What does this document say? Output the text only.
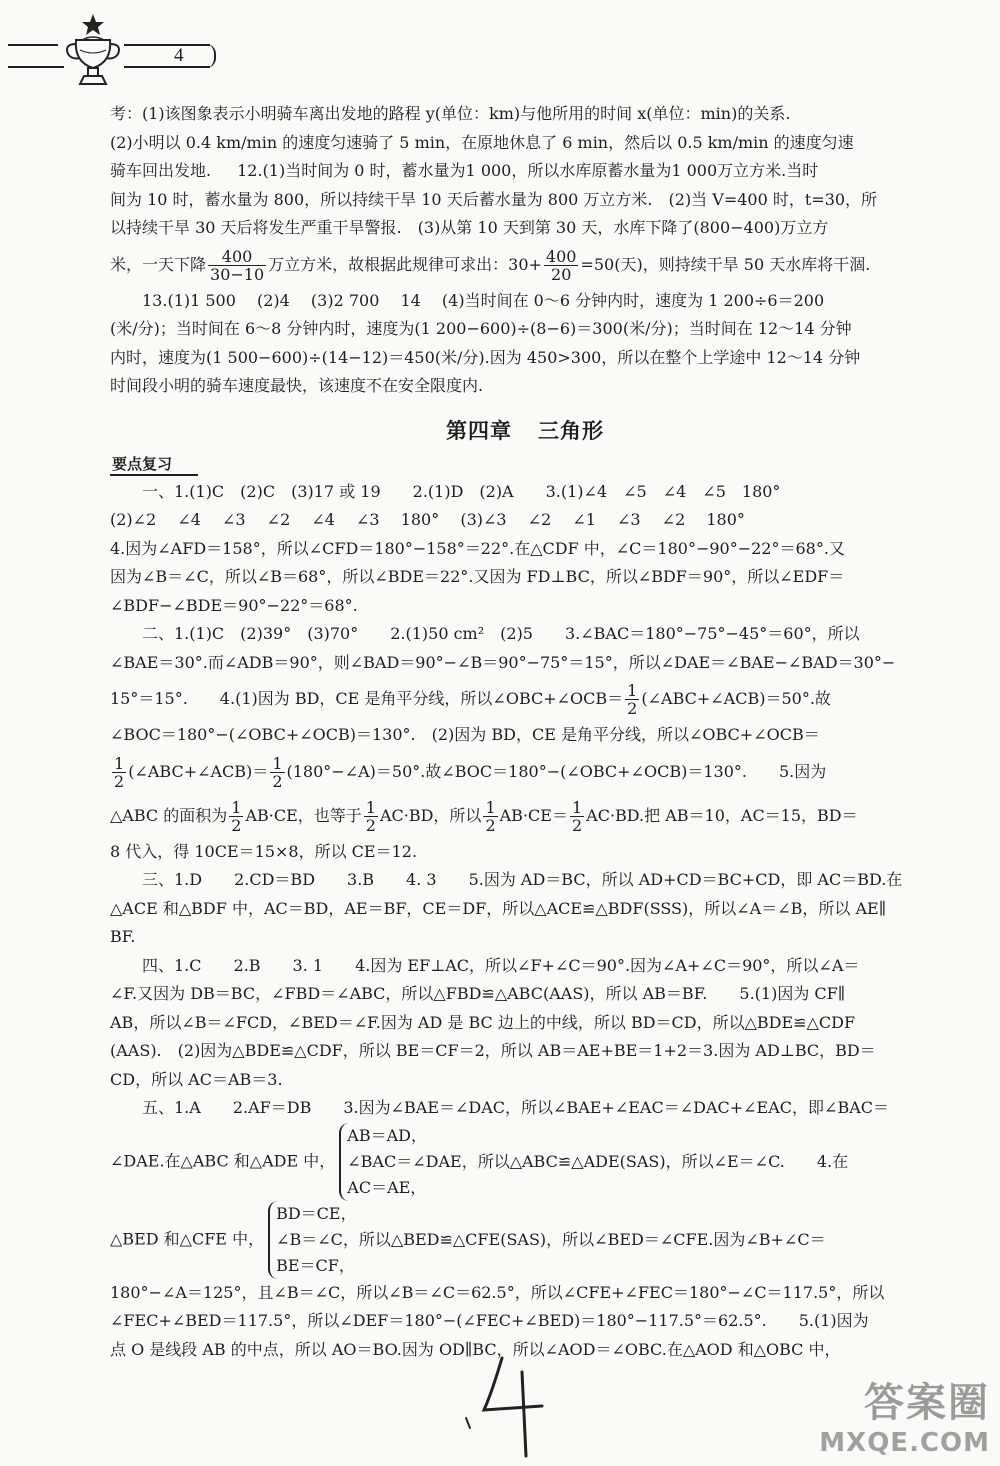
4

考：(1)该图象表示小明骑车离出发地的路程 y(单位：km)与他所用的时间 x(单位：min)的关系.

(2)小明以 0.4 km/min 的速度匀速骑了 5 min，在原地休息了 6 min，然后以 0.5 km/min 的速度匀速

骑车回出发地. 12.(1)当时间为 0 时，蓄水量为1 000，所以水库原蓄水量为1 000万立方米.当时

间为 10 时，蓄水量为 800，所以持续干旱 10 天后蓄水量为 800 万立方米.　 (2)当 V=400 时，t=30，所

以持续干旱 30 天后将发生严重干旱警报.　 (3)从第 10 天到第 30 天，水库下降了(800−400)万立方

米，一天下降 $\frac{400}{30-10}$ 万立方米，故根据此规律可求出：$30+ \frac{400}{20} =50$(天)，则持续干旱 50 天水库将干涸.

13.(1)1 500　 (2)4　 (3)2 700　 14　 (4)当时间在 0～6 分钟内时，速度为 1 200÷6＝200

(米/分)；当时间在 6～8 分钟内时，速度为(1 200−600)÷(8−6)＝300(米/分)；当时间在 12～14 分钟

内时，速度为(1 500−600)÷(14−12)＝450(米/分).因为 450>300，所以在整个上学途中 12～14 分钟

时间段小明的骑车速度最快，该速度不在安全限度内.

第四章 三角形
要点复习

一、1.(1)C　(2)C　(3)17 或 19　　2.(1)D　(2)A　　3.(1)∠4　∠5　∠4　∠5　180°

(2)∠2　 ∠4　 ∠3　 ∠2　 ∠4　 ∠3　 180°　 (3)∠3　 ∠2　 ∠1　 ∠3　 ∠2　 180°

4.因为∠AFD＝158°，所以∠CFD＝180°−158°＝22°.在△CDF 中，∠C＝180°−90°−22°＝68°.又

因为∠B＝∠C，所以∠B＝68°，所以∠BDE＝22°.又因为 FD⊥BC，所以∠BDF＝90°，所以∠EDF＝

∠BDF−∠BDE＝90°−22°＝68°.

二、1.(1)C　(2)39°　(3)70°　　2.(1)50 cm²　(2)5　　3.∠BAC＝180°−75°−45°＝60°，所以

∠BAE＝30°.而∠ADB＝90°，则∠BAD＝90°−∠B＝90°−75°＝15°，所以∠DAE＝∠BAE−∠BAD＝30°−

15°＝15°.　　4.(1)因为 BD，CE 是角平分线，所以∠OBC+∠OCB＝ $\frac{1}{2}$ (∠ABC+∠ACB)＝50°.故

∠BOC＝180°−(∠OBC+∠OCB)＝130°.　(2)因为 BD，CE 是角平分线，所以∠OBC+∠OCB＝

$\frac{1}{2}$ (∠ABC+∠ACB)＝ $\frac{1}{2}$ (180°−∠A)＝50°.故∠BOC＝180°−(∠OBC+∠OCB)＝130°.　　5.因为

△ABC 的面积为 $\frac{1}{2} AB\cdot CE$，也等于 $\frac{1}{2} AC\cdot BD$，所以 $\frac{1}{2} AB\cdot CE= \frac{1}{2} AC\cdot BD$.把 AB＝10，AC＝15，BD＝

8 代入，得 10CE＝15×8，所以 CE＝12.

三、1.D　　2.CD＝BD　　3.B　　4. 3　　5.因为 AD＝BC，所以 AD+CD＝BC+CD，即 AC＝BD.在

△ACE 和△BDF 中，AC＝BD，AE＝BF，CE＝DF，所以△ACE≌△BDF(SSS)，所以∠A＝∠B，所以 AE∥

BF.

四、1.C　　2.B　　3. 1　　4.因为 EF⊥AC，所以∠F+∠C＝90°.因为∠A+∠C＝90°，所以∠A＝

∠F.又因为 DB＝BC，∠FBD＝∠ABC，所以△FBD≌△ABC(AAS)，所以 AB＝BF.　　5.(1)因为 CF∥

AB，所以∠B＝∠FCD，∠BED＝∠F.因为 AD 是 BC 边上的中线，所以 BD＝CD，所以△BDE≌△CDF

(AAS).　(2)因为△BDE≌△CDF，所以 BE＝CF＝2，所以 AB＝AE+BE＝1+2＝3.因为 AD⊥BC，BD＝

CD，所以 AC＝AB＝3.

五、1.A　　2.AF＝DB　　3.因为∠BAE＝∠DAC，所以∠BAE+∠EAC＝∠DAC+∠EAC，即∠BAC＝

∠DAE.在△ABC 和△ADE 中，
AB＝AD，
∠BAC＝∠DAE，所以△ABC≌△ADE(SAS)，所以∠E＝∠C.　　4.在
AC＝AE，

△BED 和△CFE 中，
BD＝CE，
∠B＝∠C，所以△BED≌△CFE(SAS)，所以∠BED＝∠CFE.因为∠B+∠C＝
BE＝CF，

180°−∠A＝125°，且∠B＝∠C，所以∠B＝∠C＝62.5°，所以∠CFE+∠FEC＝180°−∠C＝117.5°，所以

∠FEC+∠BED＝117.5°，所以∠DEF＝180°−(∠FEC+∠BED)＝180°−117.5°＝62.5°.　　5.(1)因为

点 O 是线段 AB 的中点，所以 AO＝BO.因为 OD∥BC，所以∠AOD＝∠OBC.在△AOD 和△OBC 中，

答案圈
MXQE.COM
